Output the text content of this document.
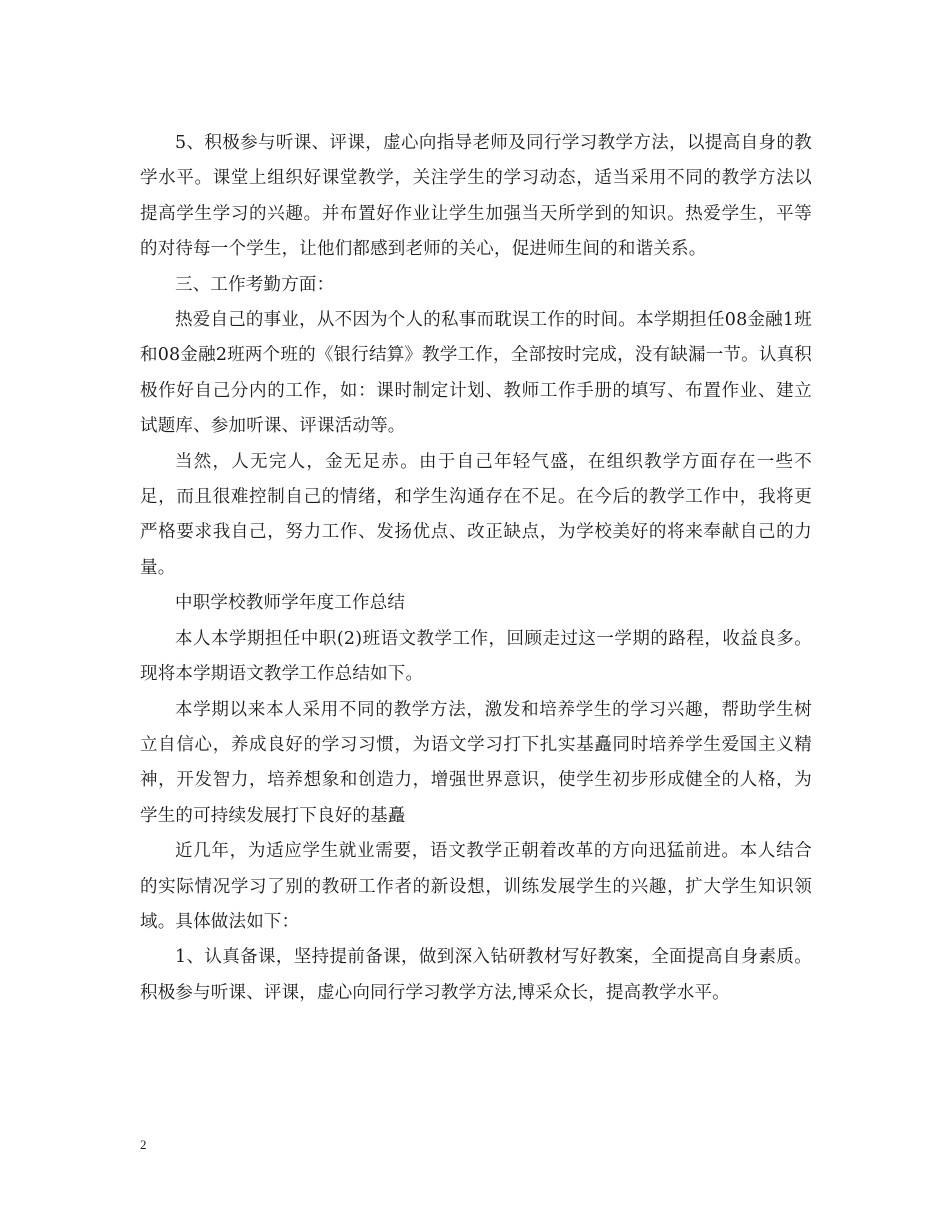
5、积极参与听课、评课，虚心向指导老师及同行学习教学方法，以提高自身的教学水平。课堂上组织好课堂教学，关注学生的学习动态，适当采用不同的教学方法以提高学生学习的兴趣。并布置好作业让学生加强当天所学到的知识。热爱学生，平等的对待每一个学生，让他们都感到老师的关心，促进师生间的和谐关系。

三、工作考勤方面：

热爱自己的事业，从不因为个人的私事而耽误工作的时间。本学期担任08金融1班和08金融2班两个班的《银行结算》教学工作，全部按时完成，没有缺漏一节。认真积极作好自己分内的工作，如：课时制定计划、教师工作手册的填写、布置作业、建立试题库、参加听课、评课活动等。

当然，人无完人，金无足赤。由于自己年轻气盛，在组织教学方面存在一些不足，而且很难控制自己的情绪，和学生沟通存在不足。在今后的教学工作中，我将更严格要求我自己，努力工作、发扬优点、改正缺点，为学校美好的将来奉献自己的力量。

中职学校教师学年度工作总结

本人本学期担任中职(2)班语文教学工作，回顾走过这一学期的路程，收益良多。现将本学期语文教学工作总结如下。

本学期以来本人采用不同的教学方法，激发和培养学生的学习兴趣，帮助学生树立自信心，养成良好的学习习惯，为语文学习打下扎实基矗同时培养学生爱国主义精神，开发智力，培养想象和创造力，增强世界意识，使学生初步形成健全的人格，为学生的可持续发展打下良好的基矗

近几年，为适应学生就业需要，语文教学正朝着改革的方向迅猛前进。本人结合的实际情况学习了别的教研工作者的新设想，训练发展学生的兴趣，扩大学生知识领域。具体做法如下：

1、认真备课，坚持提前备课，做到深入钻研教材写好教案，全面提高自身素质。积极参与听课、评课，虚心向同行学习教学方法,博采众长，提高教学水平。

2
